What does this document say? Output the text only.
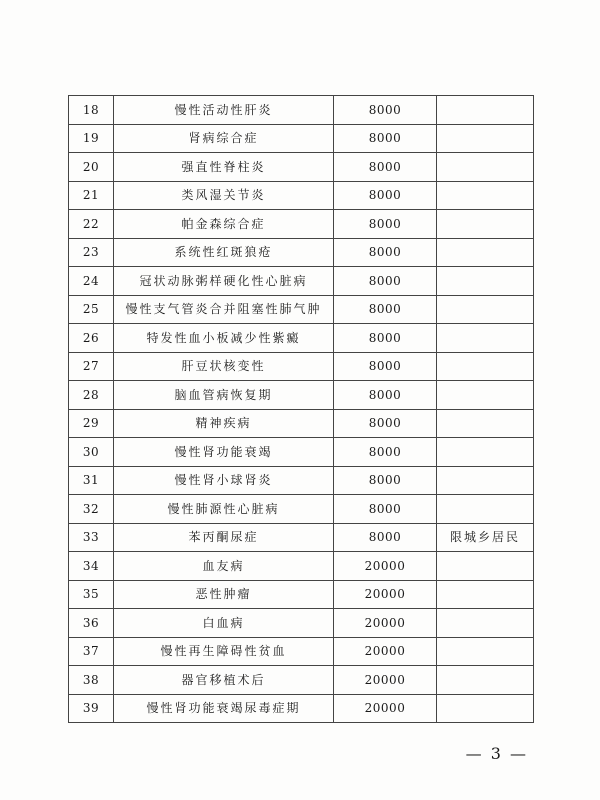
18	慢性活动性肝炎	8000	
19	肾病综合症	8000	
20	强直性脊柱炎	8000	
21	类风湿关节炎	8000	
22	帕金森综合症	8000	
23	系统性红斑狼疮	8000	
24	冠状动脉粥样硬化性心脏病	8000	
25	慢性支气管炎合并阻塞性肺气肿	8000	
26	特发性血小板减少性紫癜	8000	
27	肝豆状核变性	8000	
28	脑血管病恢复期	8000	
29	精神疾病	8000	
30	慢性肾功能衰竭	8000	
31	慢性肾小球肾炎	8000	
32	慢性肺源性心脏病	8000	
33	苯丙酮尿症	8000	限城乡居民
34	血友病	20000	
35	恶性肿瘤	20000	
36	白血病	20000	
37	慢性再生障碍性贫血	20000	
38	器官移植术后	20000	
39	慢性肾功能衰竭尿毒症期	20000	
— 3 —
